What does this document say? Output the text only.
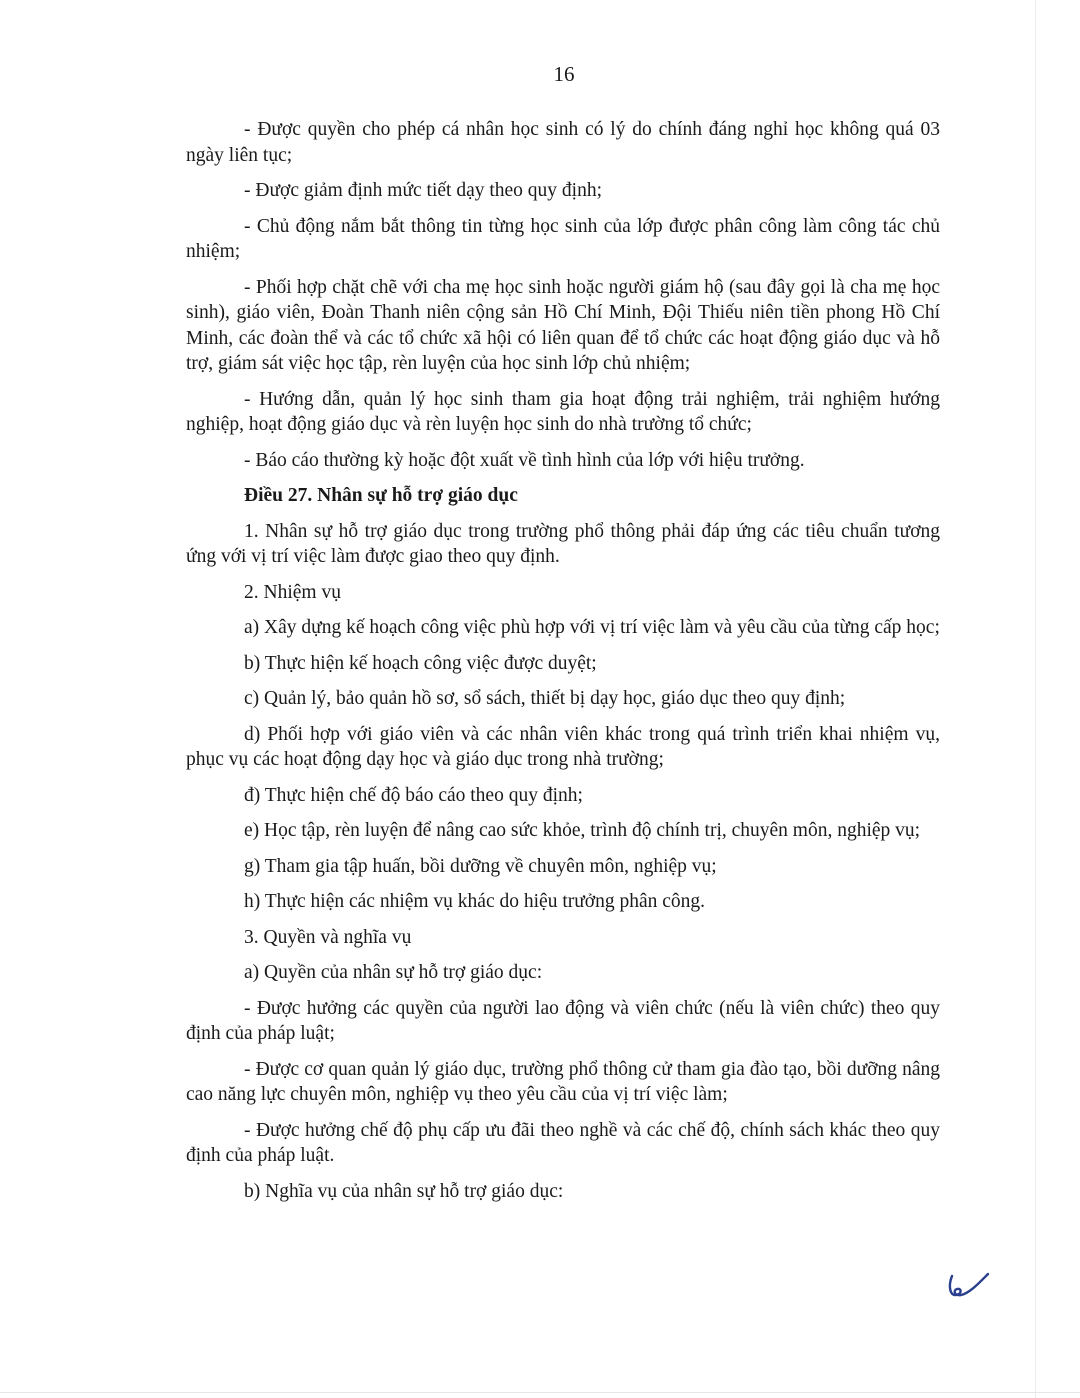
16

- Được quyền cho phép cá nhân học sinh có lý do chính đáng nghỉ học không quá 03 ngày liên tục;

- Được giảm định mức tiết dạy theo quy định;

- Chủ động nắm bắt thông tin từng học sinh của lớp được phân công làm công tác chủ nhiệm;

- Phối hợp chặt chẽ với cha mẹ học sinh hoặc người giám hộ (sau đây gọi là cha mẹ học sinh), giáo viên, Đoàn Thanh niên cộng sản Hồ Chí Minh, Đội Thiếu niên tiền phong Hồ Chí Minh, các đoàn thể và các tổ chức xã hội có liên quan để tổ chức các hoạt động giáo dục và hỗ trợ, giám sát việc học tập, rèn luyện của học sinh lớp chủ nhiệm;

- Hướng dẫn, quản lý học sinh tham gia hoạt động trải nghiệm, trải nghiệm hướng nghiệp, hoạt động giáo dục và rèn luyện học sinh do nhà trường tổ chức;

- Báo cáo thường kỳ hoặc đột xuất về tình hình của lớp với hiệu trưởng.

Điều 27. Nhân sự hỗ trợ giáo dục

1. Nhân sự hỗ trợ giáo dục trong trường phổ thông phải đáp ứng các tiêu chuẩn tương ứng với vị trí việc làm được giao theo quy định.

2. Nhiệm vụ

a) Xây dựng kế hoạch công việc phù hợp với vị trí việc làm và yêu cầu của từng cấp học;

b) Thực hiện kế hoạch công việc được duyệt;

c) Quản lý, bảo quản hồ sơ, sổ sách, thiết bị dạy học, giáo dục theo quy định;

d) Phối hợp với giáo viên và các nhân viên khác trong quá trình triển khai nhiệm vụ, phục vụ các hoạt động dạy học và giáo dục trong nhà trường;

đ) Thực hiện chế độ báo cáo theo quy định;

e) Học tập, rèn luyện để nâng cao sức khỏe, trình độ chính trị, chuyên môn, nghiệp vụ;

g) Tham gia tập huấn, bồi dưỡng về chuyên môn, nghiệp vụ;

h) Thực hiện các nhiệm vụ khác do hiệu trưởng phân công.

3. Quyền và nghĩa vụ

a) Quyền của nhân sự hỗ trợ giáo dục:

- Được hưởng các quyền của người lao động và viên chức (nếu là viên chức) theo quy định của pháp luật;

- Được cơ quan quản lý giáo dục, trường phổ thông cử tham gia đào tạo, bồi dưỡng nâng cao năng lực chuyên môn, nghiệp vụ theo yêu cầu của vị trí việc làm;

- Được hưởng chế độ phụ cấp ưu đãi theo nghề và các chế độ, chính sách khác theo quy định của pháp luật.

b) Nghĩa vụ của nhân sự hỗ trợ giáo dục:
